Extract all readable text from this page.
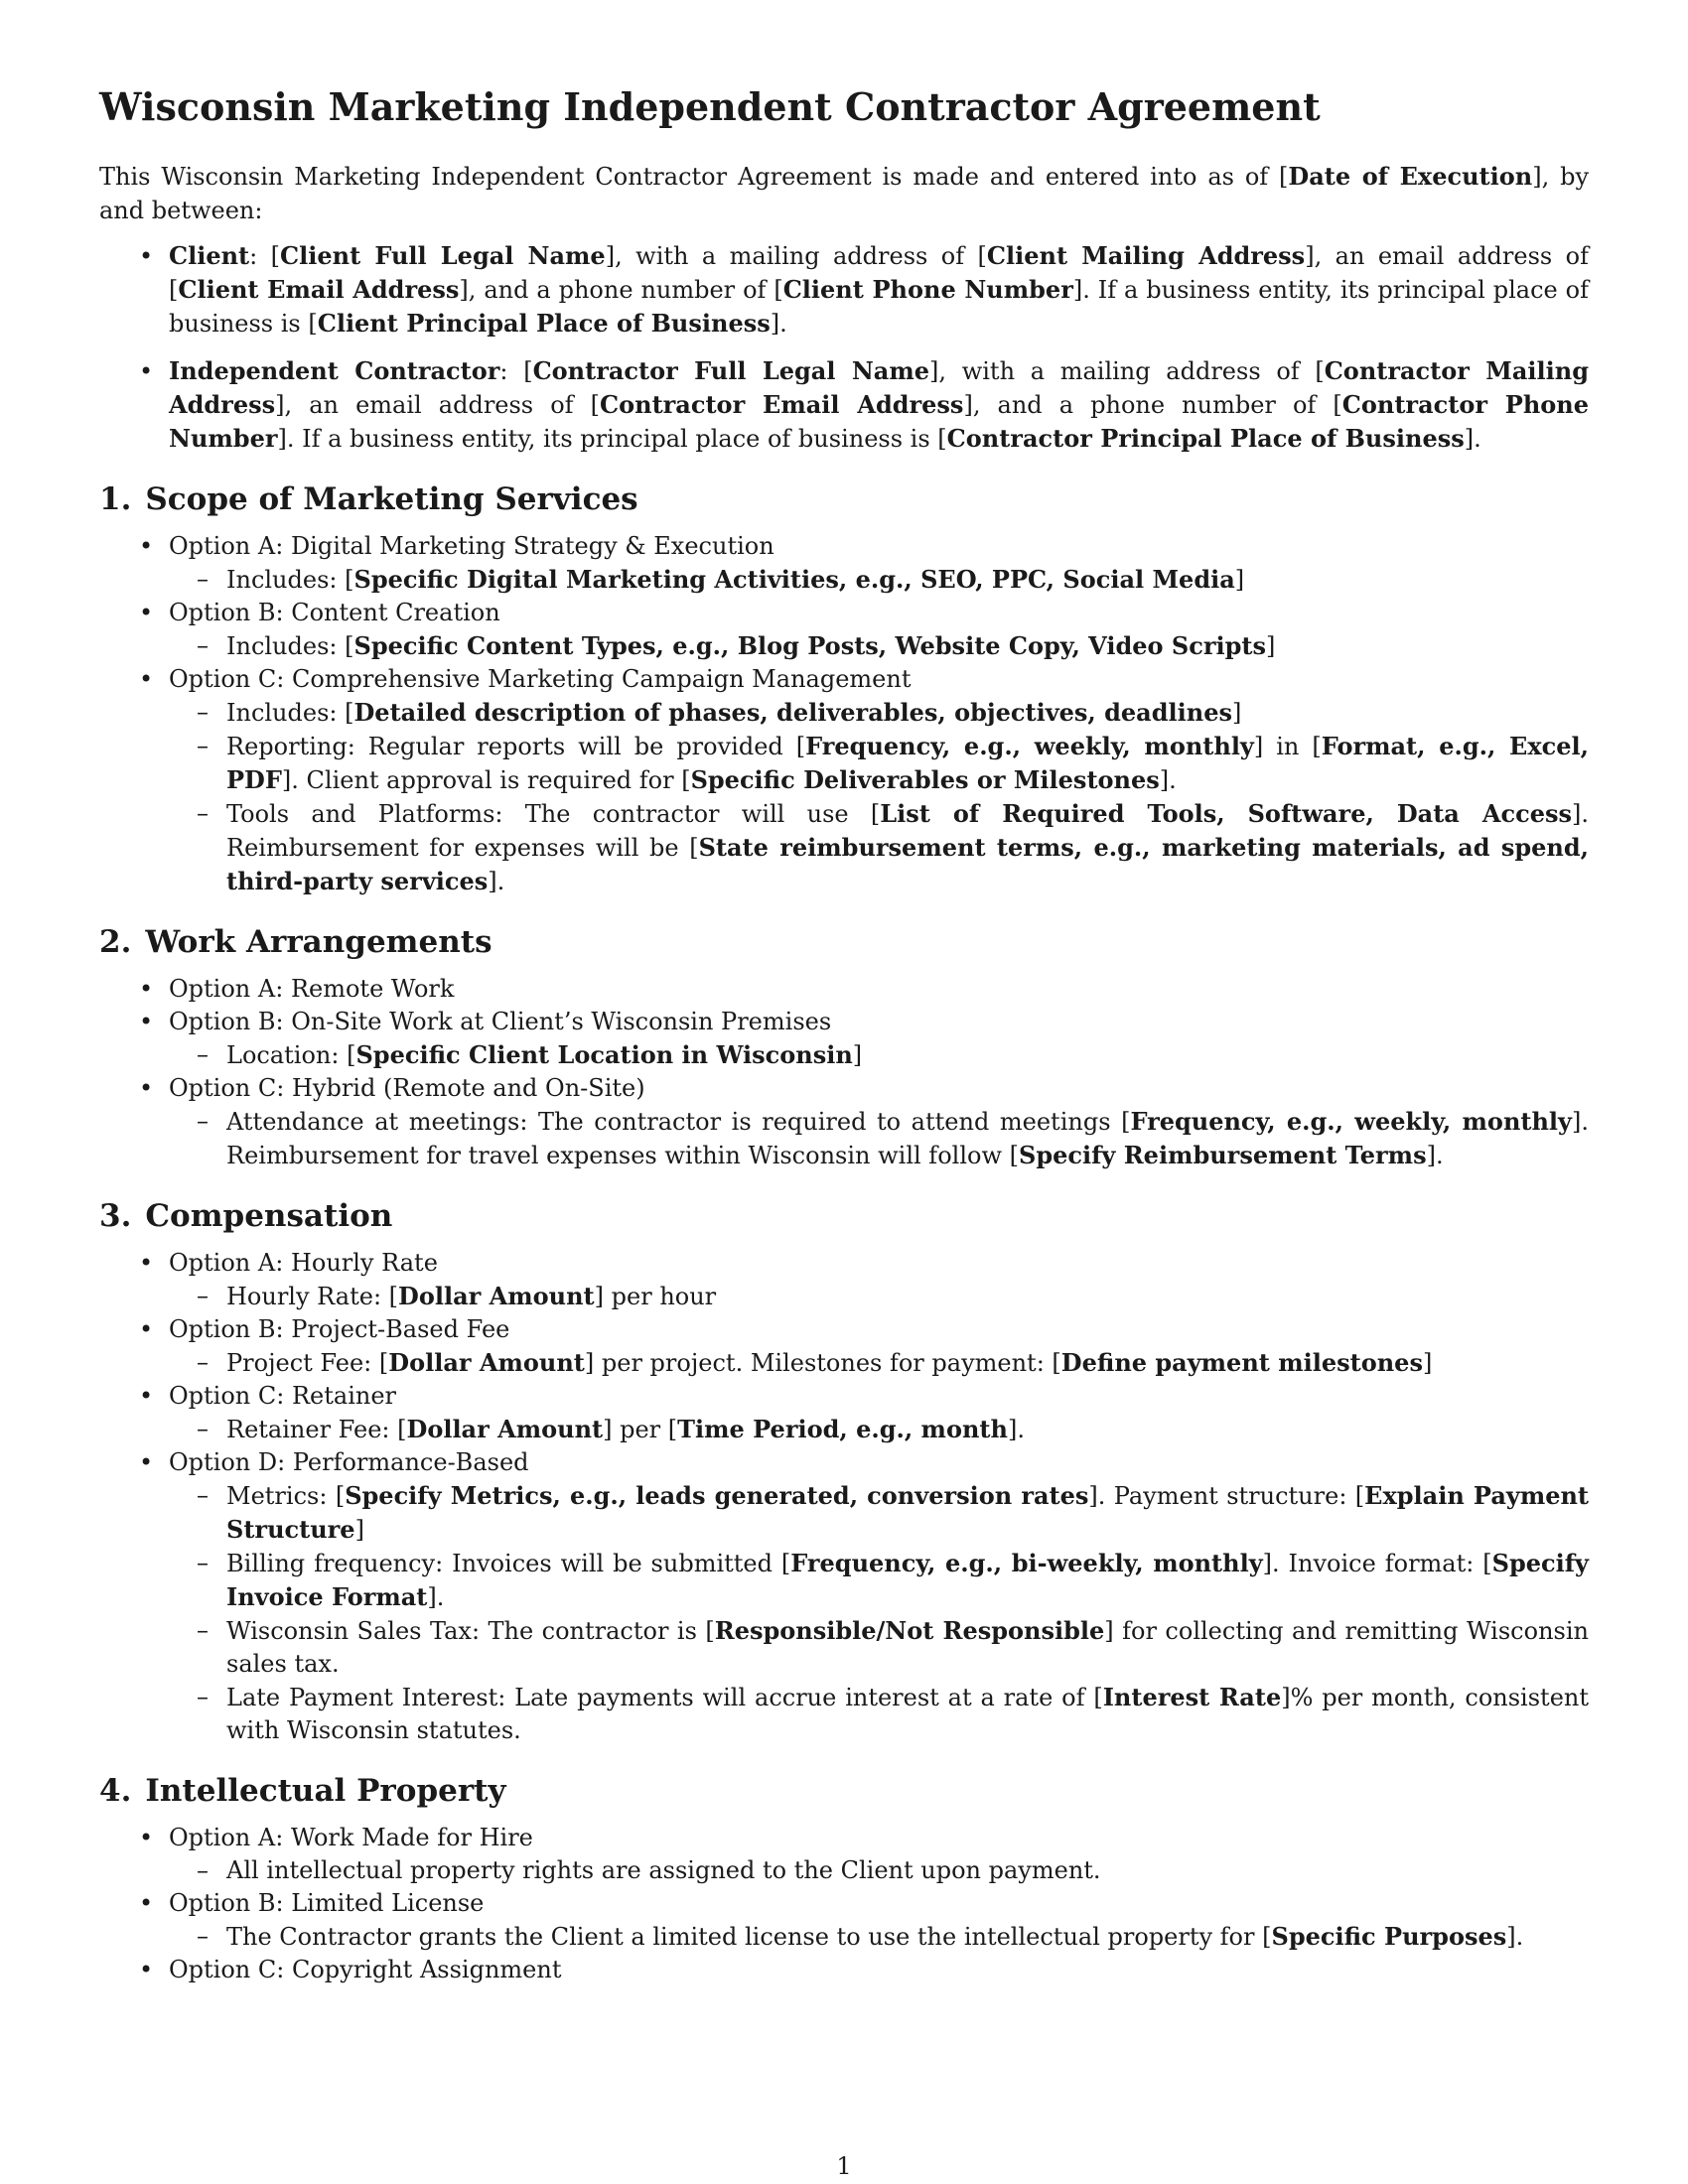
Wisconsin Marketing Independent Contractor Agreement

This Wisconsin Marketing Independent Contractor Agreement is made and entered into as of [Date of Execution], by and between:

• Client: [Client Full Legal Name], with a mailing address of [Client Mailing Address], an email address of [Client Email Address], and a phone number of [Client Phone Number]. If a business entity, its principal place of business is [Client Principal Place of Business].
• Independent Contractor: [Contractor Full Legal Name], with a mailing address of [Contractor Mailing Address], an email address of [Contractor Email Address], and a phone number of [Contractor Phone Number]. If a business entity, its principal place of business is [Contractor Principal Place of Business].
1. Scope of Marketing Services
• Option A: Digital Marketing Strategy & Execution
– Includes: [Specific Digital Marketing Activities, e.g., SEO, PPC, Social Media]
• Option B: Content Creation
– Includes: [Specific Content Types, e.g., Blog Posts, Website Copy, Video Scripts]
• Option C: Comprehensive Marketing Campaign Management
– Includes: [Detailed description of phases, deliverables, objectives, deadlines]
– Reporting: Regular reports will be provided [Frequency, e.g., weekly, monthly] in [Format, e.g., Excel, PDF]. Client approval is required for [Specific Deliverables or Milestones].
– Tools and Platforms: The contractor will use [List of Required Tools, Software, Data Access]. Reimbursement for expenses will be [State reimbursement terms, e.g., marketing materials, ad spend, third-party services].
2. Work Arrangements
• Option A: Remote Work
• Option B: On-Site Work at Client’s Wisconsin Premises
– Location: [Specific Client Location in Wisconsin]
• Option C: Hybrid (Remote and On-Site)
– Attendance at meetings: The contractor is required to attend meetings [Frequency, e.g., weekly, monthly]. Reimbursement for travel expenses within Wisconsin will follow [Specify Reimbursement Terms].
3. Compensation
• Option A: Hourly Rate
– Hourly Rate: [Dollar Amount] per hour
• Option B: Project-Based Fee
– Project Fee: [Dollar Amount] per project. Milestones for payment: [Define payment milestones]
• Option C: Retainer
– Retainer Fee: [Dollar Amount] per [Time Period, e.g., month].
• Option D: Performance-Based
– Metrics: [Specify Metrics, e.g., leads generated, conversion rates]. Payment structure: [Explain Payment Structure]
– Billing frequency: Invoices will be submitted [Frequency, e.g., bi-weekly, monthly]. Invoice format: [Specify Invoice Format].
– Wisconsin Sales Tax: The contractor is [Responsible/Not Responsible] for collecting and remitting Wisconsin sales tax.
– Late Payment Interest: Late payments will accrue interest at a rate of [Interest Rate]% per month, consistent with Wisconsin statutes.
4. Intellectual Property
• Option A: Work Made for Hire
– All intellectual property rights are assigned to the Client upon payment.
• Option B: Limited License
– The Contractor grants the Client a limited license to use the intellectual property for [Specific Purposes].
• Option C: Copyright Assignment
1
